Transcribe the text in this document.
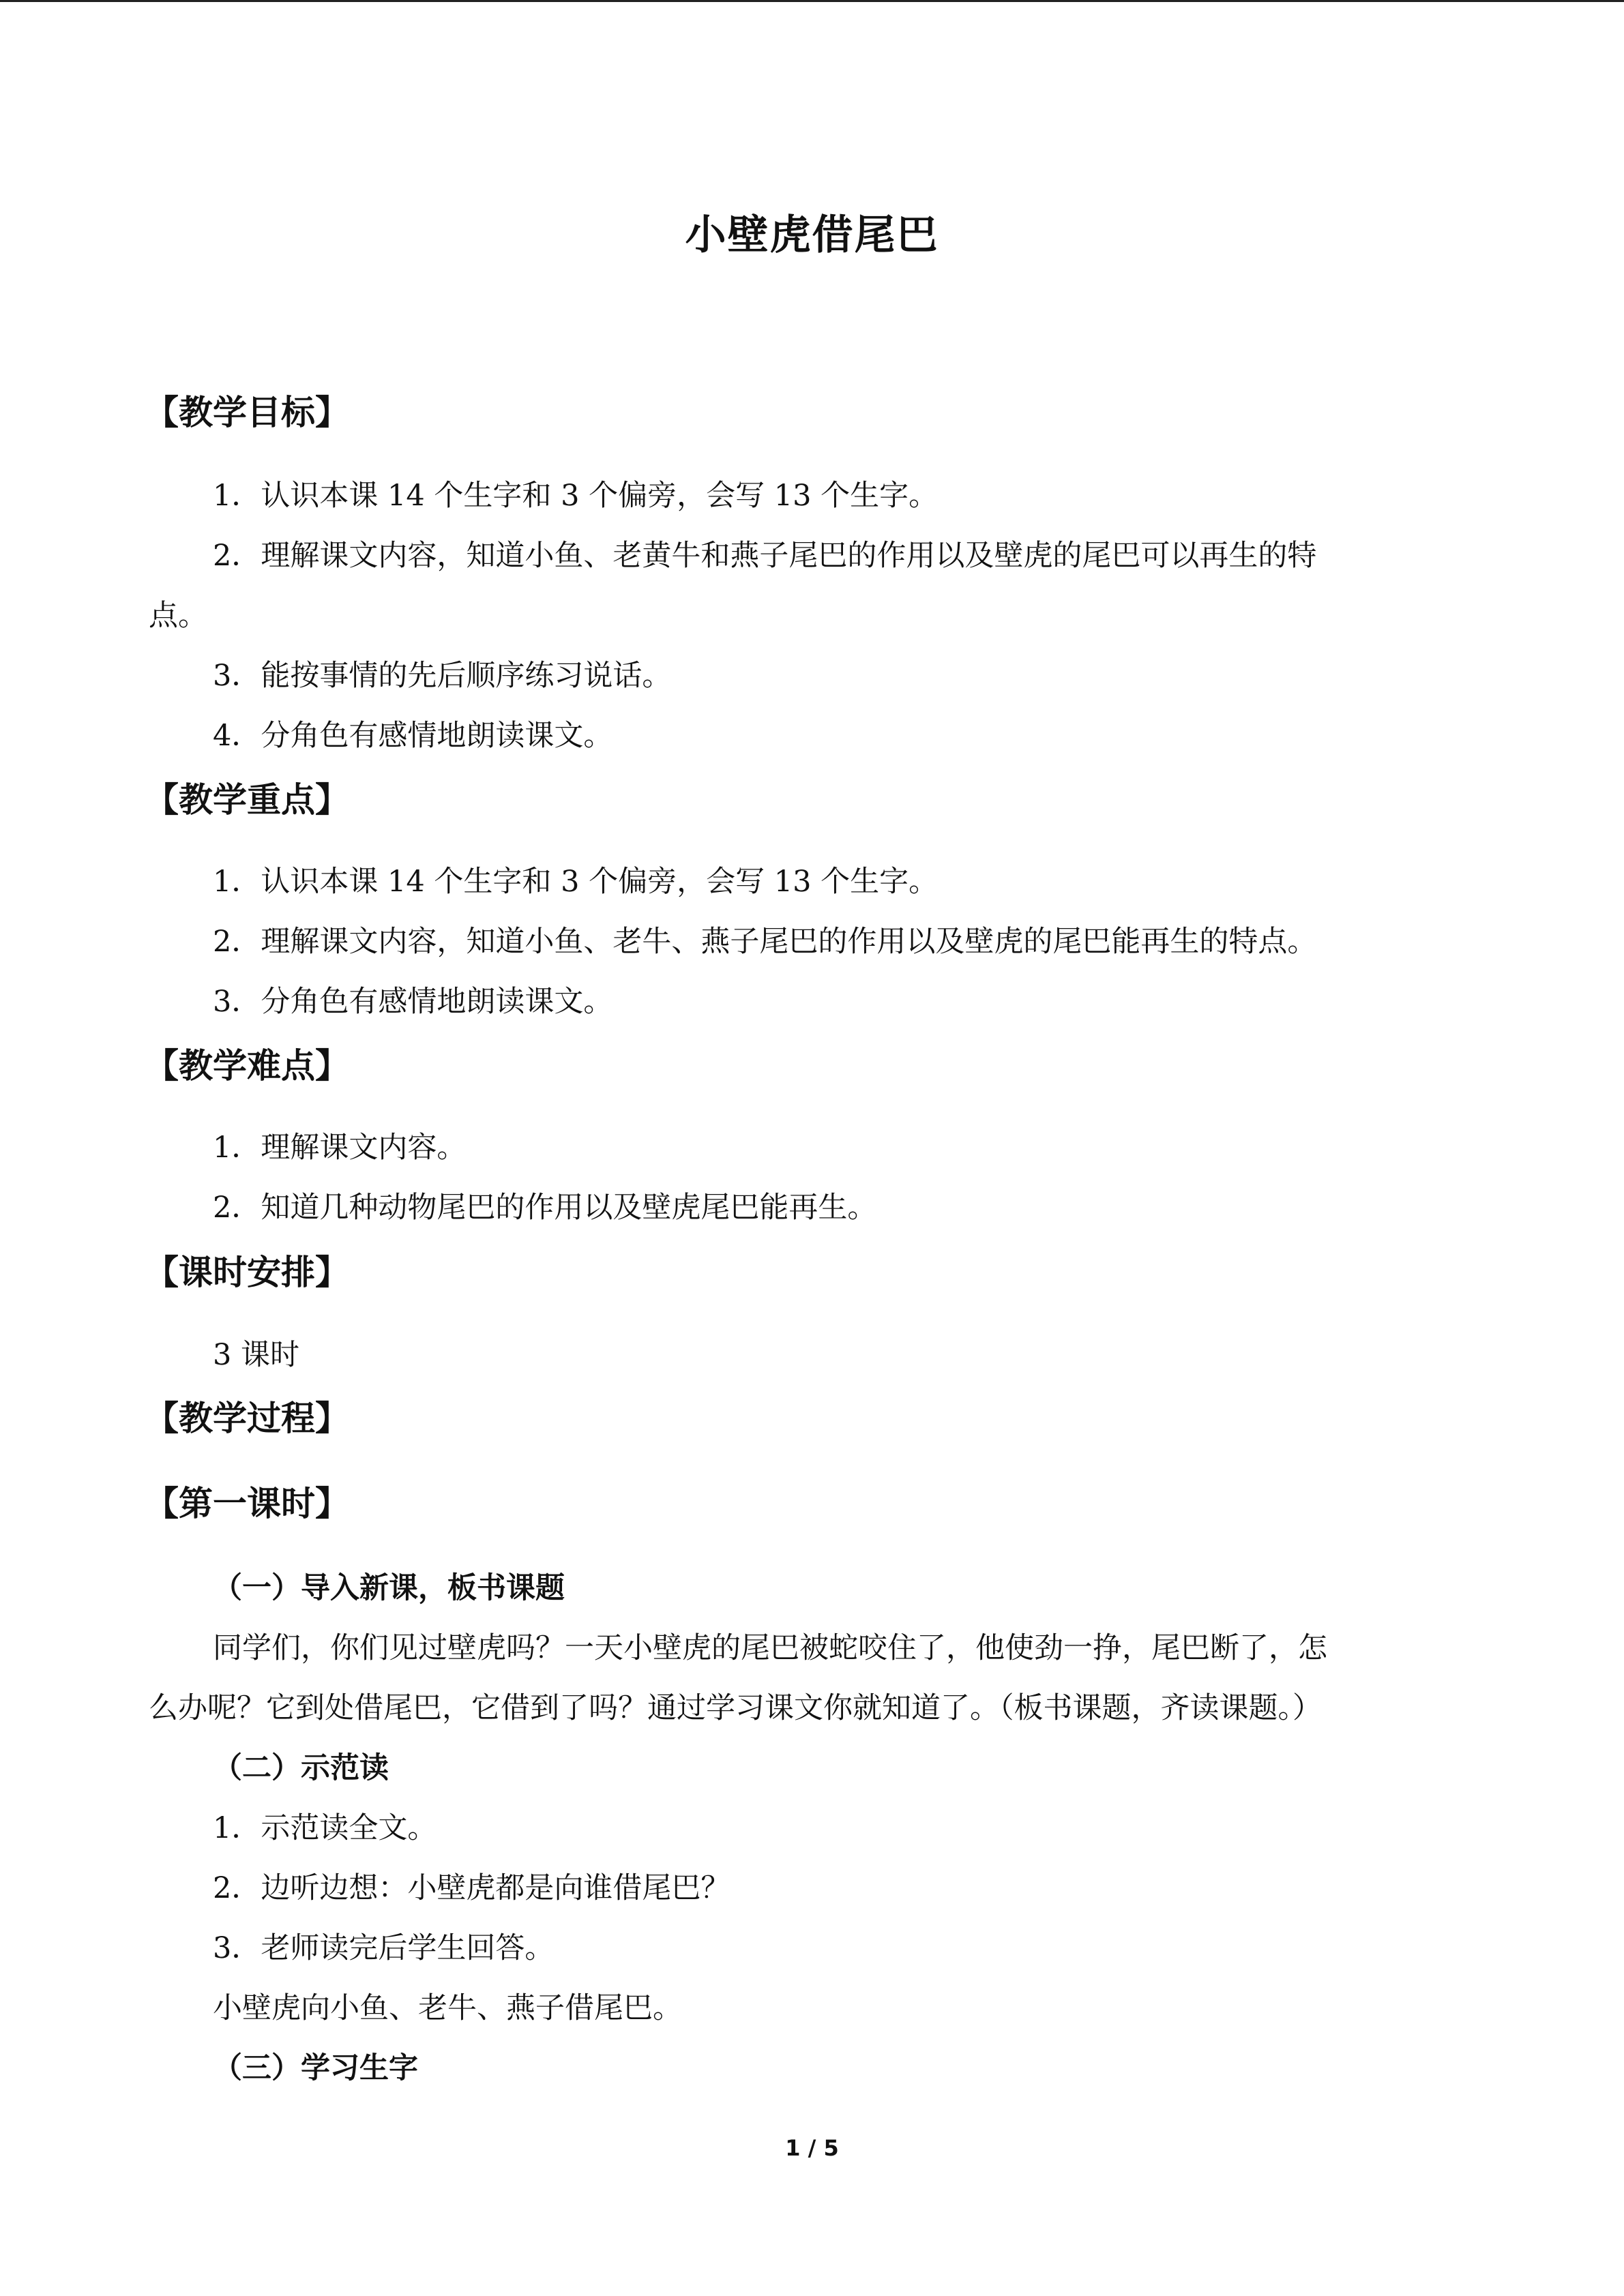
小壁虎借尾巴
【教学目标】

1．认识本课 14 个生字和 3 个偏旁，会写 13 个生字。

2．理解课文内容，知道小鱼、老黄牛和燕子尾巴的作用以及壁虎的尾巴可以再生的特

点。

3．能按事情的先后顺序练习说话。

4．分角色有感情地朗读课文。

【教学重点】

1．认识本课 14 个生字和 3 个偏旁，会写 13 个生字。

2．理解课文内容，知道小鱼、老牛、燕子尾巴的作用以及壁虎的尾巴能再生的特点。

3．分角色有感情地朗读课文。

【教学难点】

1．理解课文内容。

2．知道几种动物尾巴的作用以及壁虎尾巴能再生。

【课时安排】

3 课时

【教学过程】
【第一课时】

（一）导入新课，板书课题

同学们，你们见过壁虎吗？一天小壁虎的尾巴被蛇咬住了，他使劲一挣，尾巴断了，怎

么办呢？它到处借尾巴，它借到了吗？通过学习课文你就知道了。（板书课题，齐读课题。）

（二）示范读

1．示范读全文。

2．边听边想：小壁虎都是向谁借尾巴？

3．老师读完后学生回答。

小壁虎向小鱼、老牛、燕子借尾巴。

（三）学习生字

1 / 5
